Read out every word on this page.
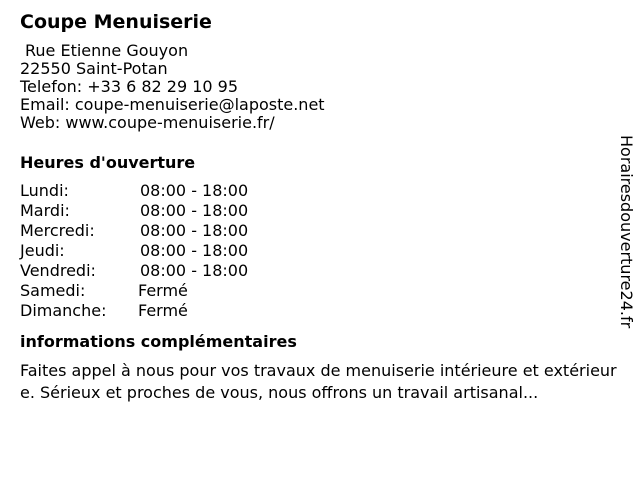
Coupe Menuiserie
Rue Etienne Gouyon
22550 Saint-Potan
Telefon: +33 6 82 29 10 95
Email: coupe-menuiserie@laposte.net
Web: www.coupe-menuiserie.fr/
Heures d'ouverture
Lundi:	08:00 - 18:00
Mardi:	08:00 - 18:00
Mercredi:	08:00 - 18:00
Jeudi:	08:00 - 18:00
Vendredi:	08:00 - 18:00
Samedi:	Fermé
Dimanche:	Fermé
informations complémentaires
Faites appel à nous pour vos travaux de menuiserie intérieure et extérieure. Sérieux et proches de vous, nous offrons un travail artisanal...
Horairesdouverture24.fr
